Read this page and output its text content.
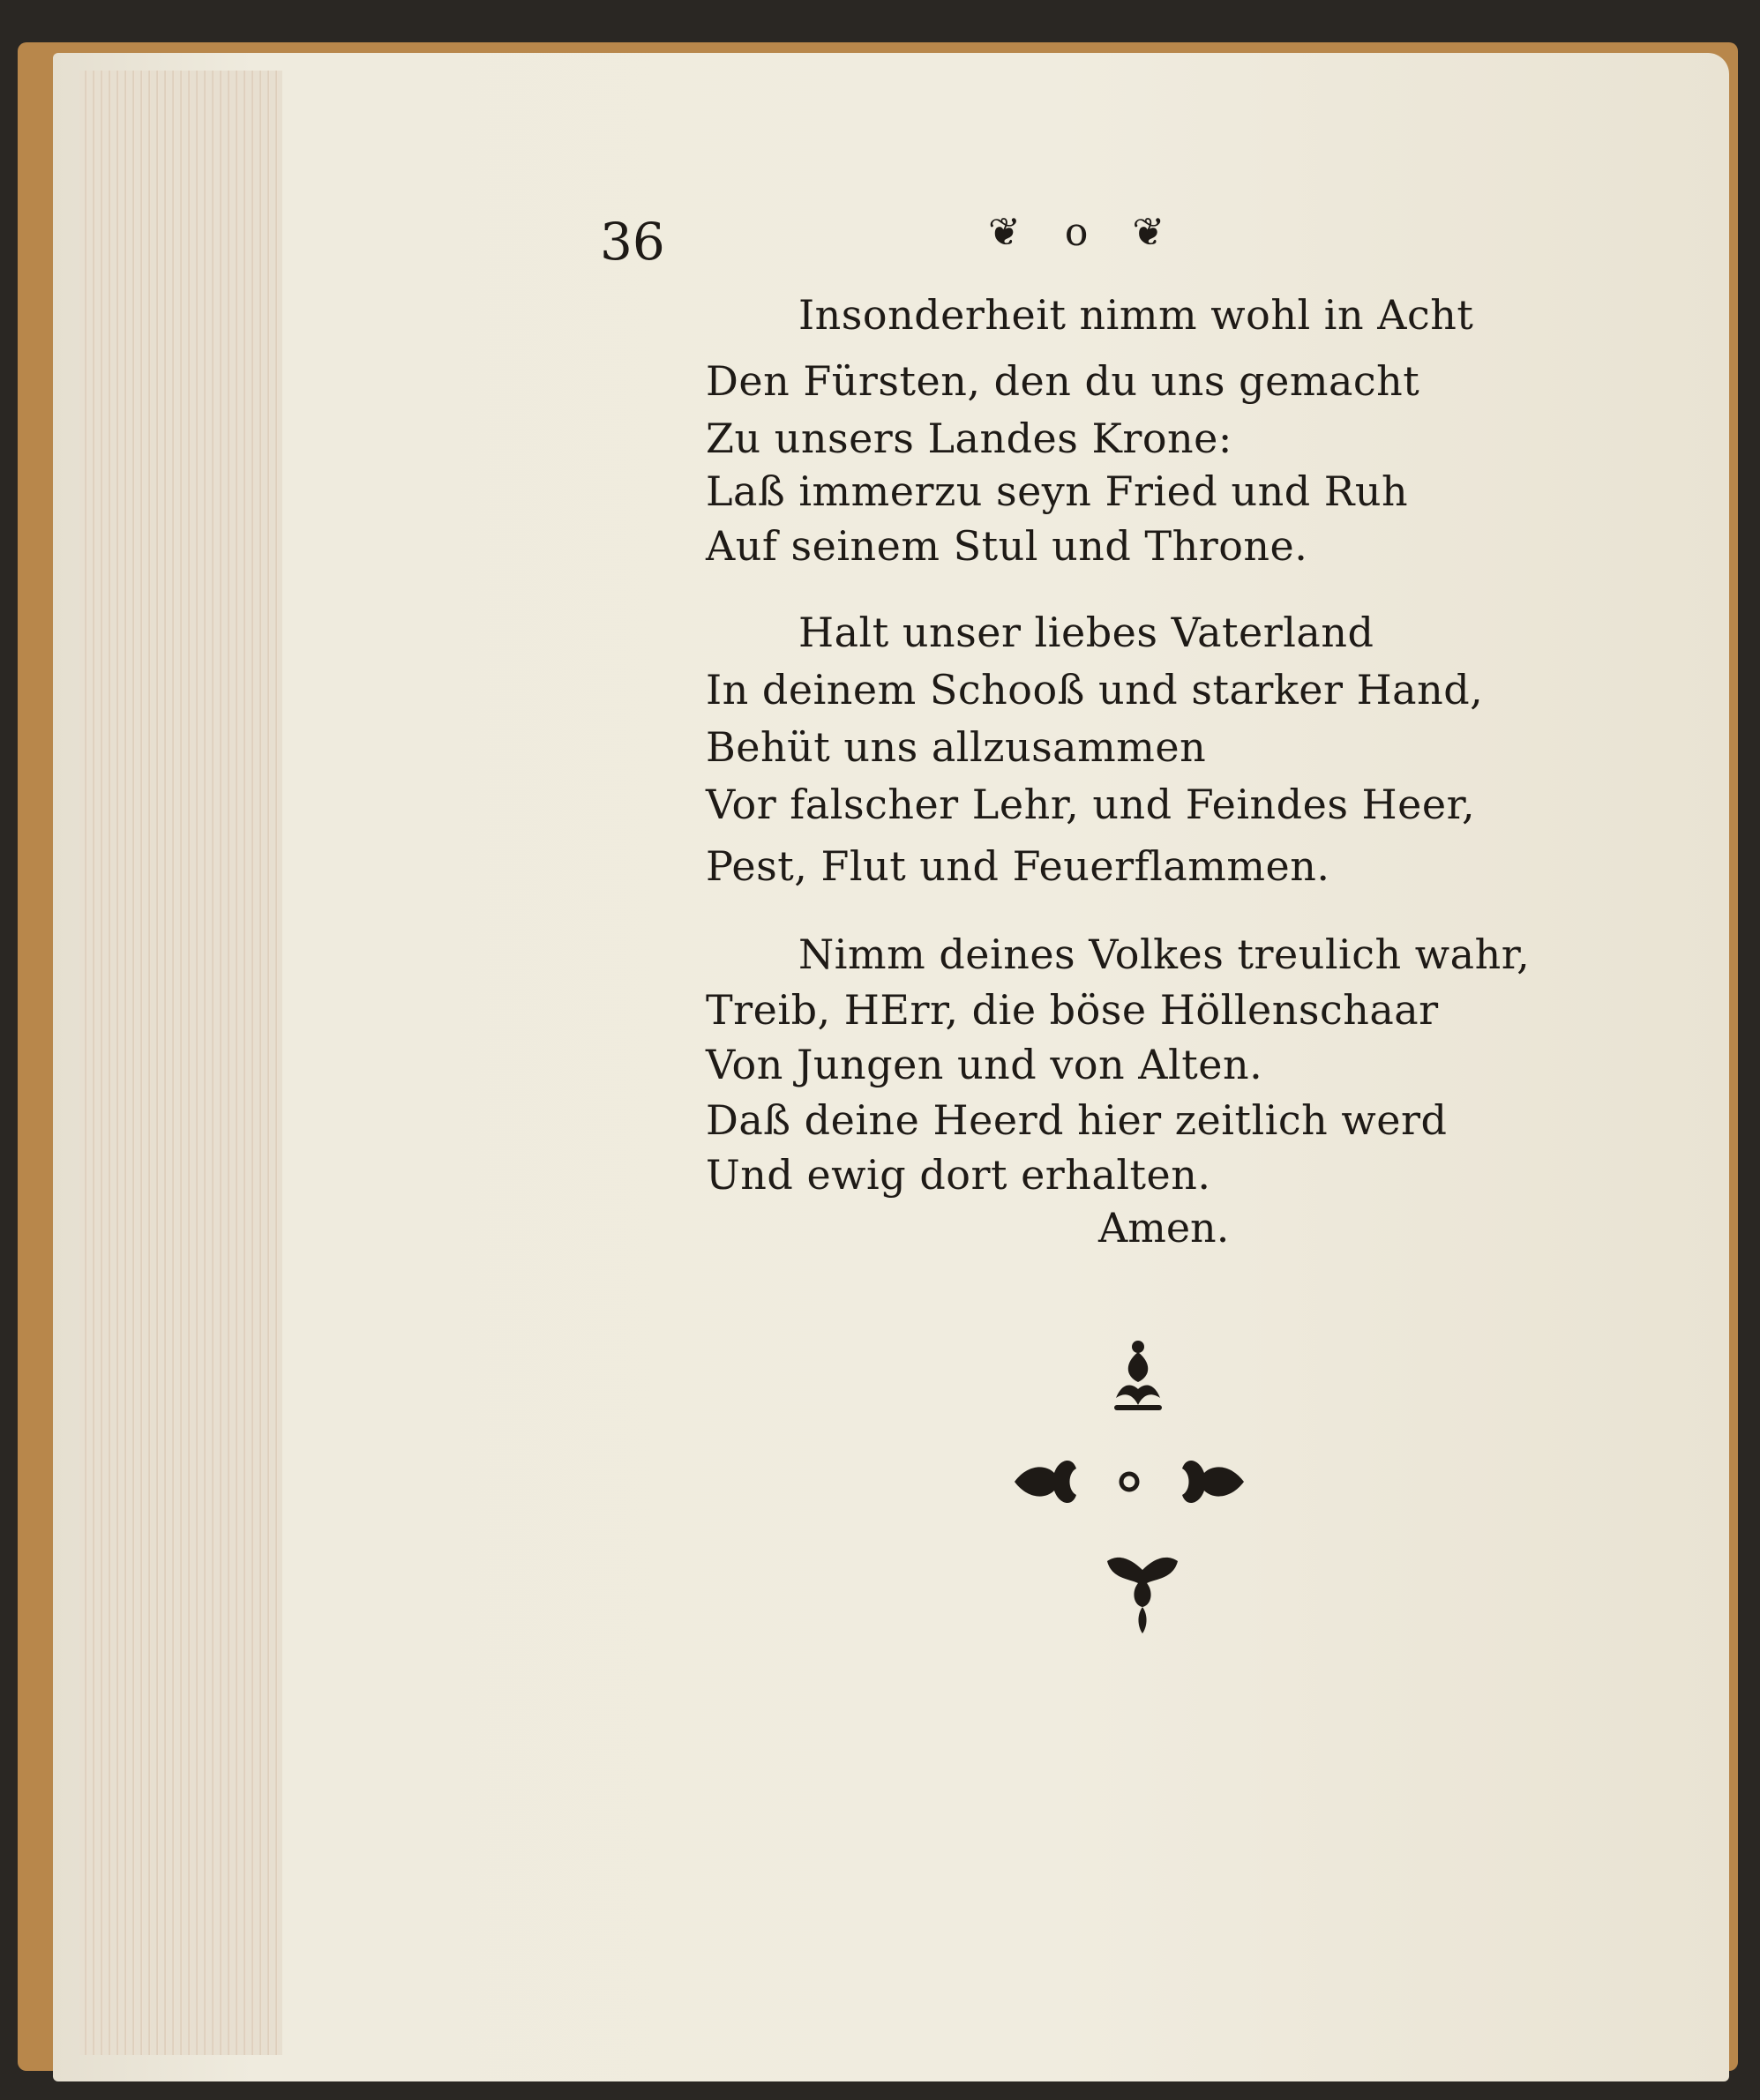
36	❦ o ❦
Insonderheit nimm wohl in Acht
Den Fürsten, den du uns gemacht
Zu unsers Landes Krone:
Laß immerzu seyn Fried und Ruh
Auf seinem Stul und Throne.
Halt unser liebes Vaterland
In deinem Schooß und starker Hand,
Behüt uns allzusammen
Vor falscher Lehr, und Feindes Heer,
Pest, Flut und Feuerflammen.
Nimm deines Volkes treulich wahr,
Treib, HErr, die böse Höllenschaar
Von Jungen und von Alten.
Daß deine Heerd hier zeitlich werd
Und ewig dort erhalten.
Amen.
